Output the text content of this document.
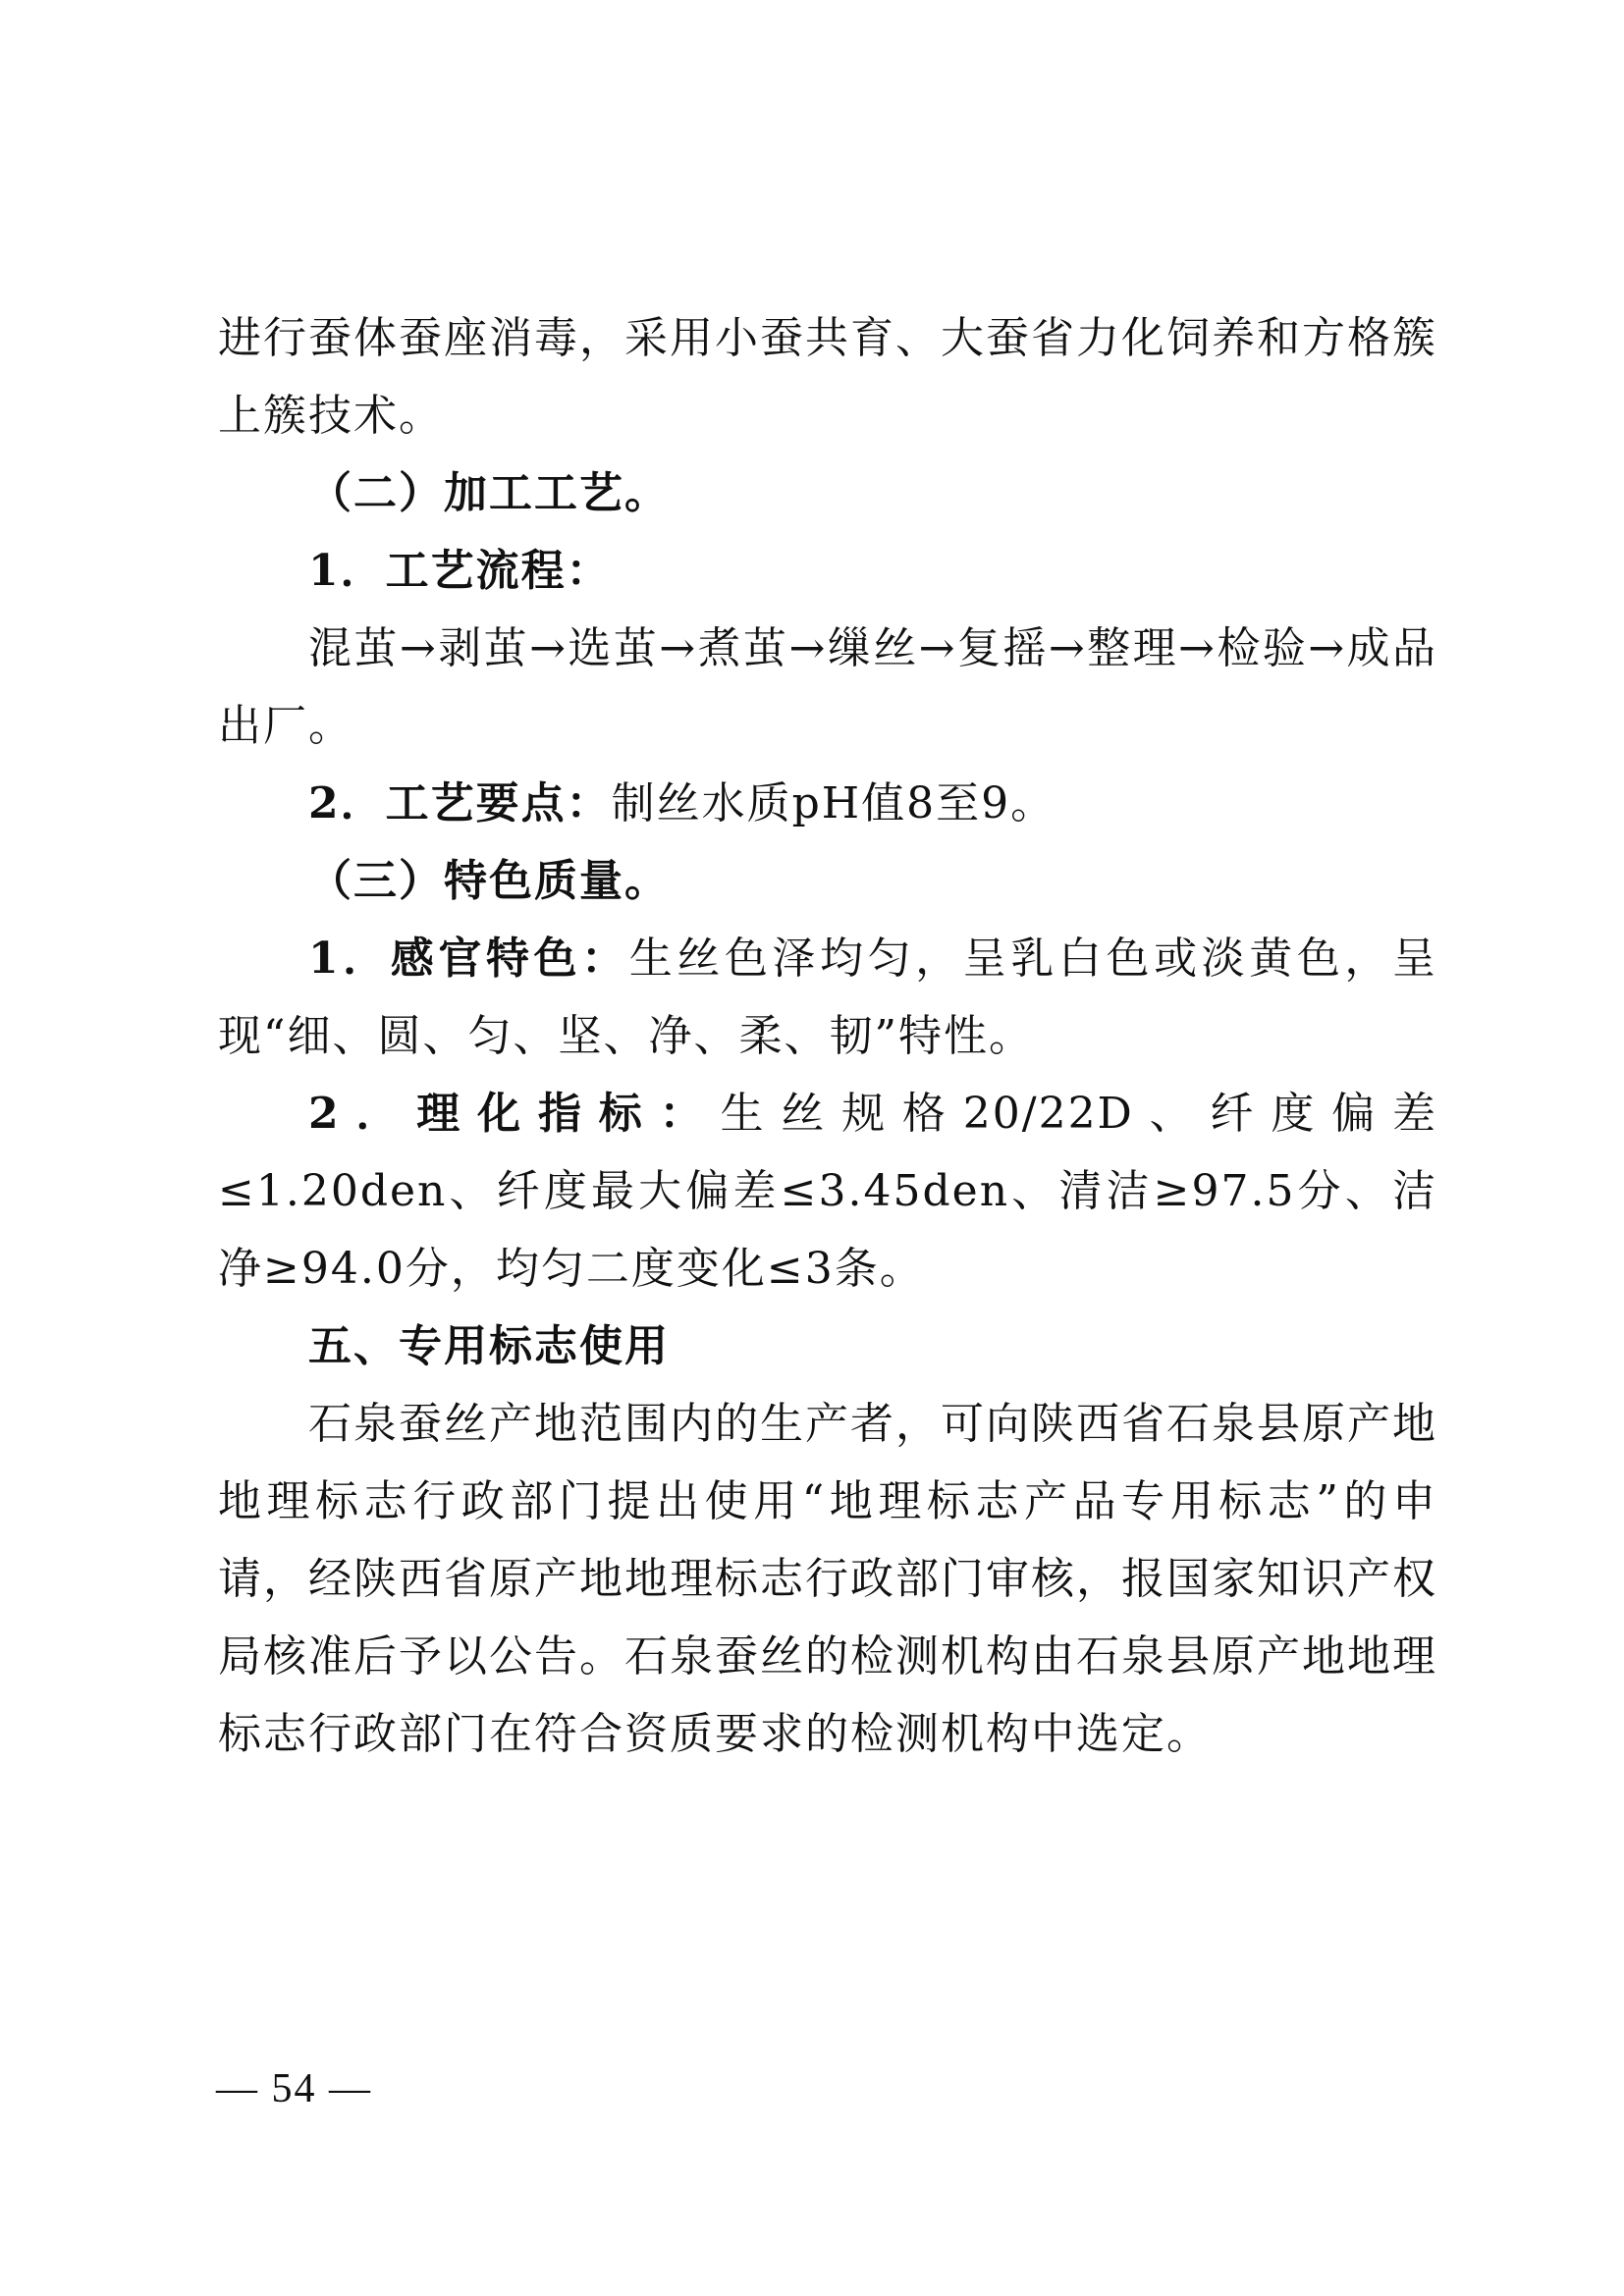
进行蚕体蚕座消毒，采用小蚕共育、大蚕省力化饲养和方格簇上簇技术。

（二）加工工艺。

1．工艺流程：

混茧→剥茧→选茧→煮茧→缫丝→复摇→整理→检验→成品出厂。

2．工艺要点：制丝水质pH值8至9。

（三）特色质量。

1．感官特色：生丝色泽均匀，呈乳白色或淡黄色，呈现“细、圆、匀、坚、净、柔、韧”特性。

2．理化指标：生丝规格20/22D、纤度偏差≤1.20den、纤度最大偏差≤3.45den、清洁≥97.5分、洁净≥94.0分，均匀二度变化≤3条。

五、专用标志使用

石泉蚕丝产地范围内的生产者，可向陕西省石泉县原产地地理标志行政部门提出使用“地理标志产品专用标志”的申请，经陕西省原产地地理标志行政部门审核，报国家知识产权局核准后予以公告。石泉蚕丝的检测机构由石泉县原产地地理标志行政部门在符合资质要求的检测机构中选定。

— 54 —
